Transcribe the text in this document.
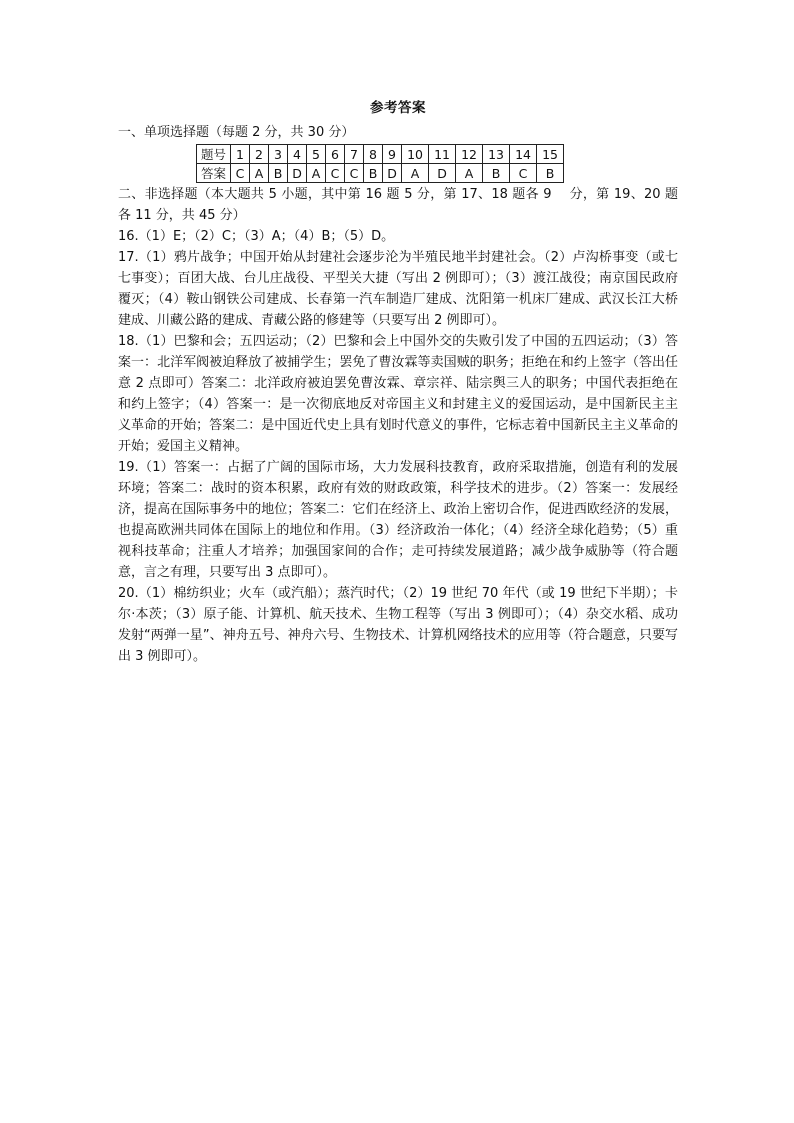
参考答案

一、单项选择题（每题 2 分，共 30 分）

题号	1	2	3	4	5	6	7	8	9	10	11	12	13	14	15
答案	C	A	B	D	A	C	C	B	D	A	D	A	B	C	B

二、非选择题（本大题共 5 小题，其中第 16 题 5 分，第 17、18 题各 9　 分，第 19、20 题各 11 分，共 45 分）

16.（1）E；（2）C；（3）A；（4）B；（5）D。

17.（1）鸦片战争；中国开始从封建社会逐步沦为半殖民地半封建社会。（2）卢沟桥事变（或七七事变）；百团大战、台儿庄战役、平型关大捷（写出 2 例即可）；（3）渡江战役；南京国民政府覆灭；（4）鞍山钢铁公司建成、长春第一汽车制造厂建成、沈阳第一机床厂建成、武汉长江大桥建成、川藏公路的建成、青藏公路的修建等（只要写出 2 例即可）。

18.（1）巴黎和会；五四运动；（2）巴黎和会上中国外交的失败引发了中国的五四运动；（3）答案一：北洋军阀被迫释放了被捕学生；罢免了曹汝霖等卖国贼的职务；拒绝在和约上签字（答出任意 2 点即可）答案二：北洋政府被迫罢免曹汝霖、章宗祥、陆宗舆三人的职务；中国代表拒绝在和约上签字；（4）答案一：是一次彻底地反对帝国主义和封建主义的爱国运动，是中国新民主主义革命的开始；答案二：是中国近代史上具有划时代意义的事件，它标志着中国新民主主义革命的开始；爱国主义精神。

19.（1）答案一：占据了广阔的国际市场，大力发展科技教育，政府采取措施，创造有利的发展环境；答案二：战时的资本积累，政府有效的财政政策，科学技术的进步。（2）答案一：发展经济，提高在国际事务中的地位；答案二：它们在经济上、政治上密切合作，促进西欧经济的发展，也提高欧洲共同体在国际上的地位和作用。（3）经济政治一体化；（4）经济全球化趋势；（5）重视科技革命；注重人才培养；加强国家间的合作；走可持续发展道路；减少战争威胁等（符合题意，言之有理，只要写出 3 点即可）。

20.（1）棉纺织业；火车（或汽船）；蒸汽时代；（2）19 世纪 70 年代（或 19 世纪下半期）；卡尔·本茨；（3）原子能、计算机、航天技术、生物工程等（写出 3 例即可）；（4）杂交水稻、成功发射“两弹一星”、神舟五号、神舟六号、生物技术、计算机网络技术的应用等（符合题意，只要写出 3 例即可）。
